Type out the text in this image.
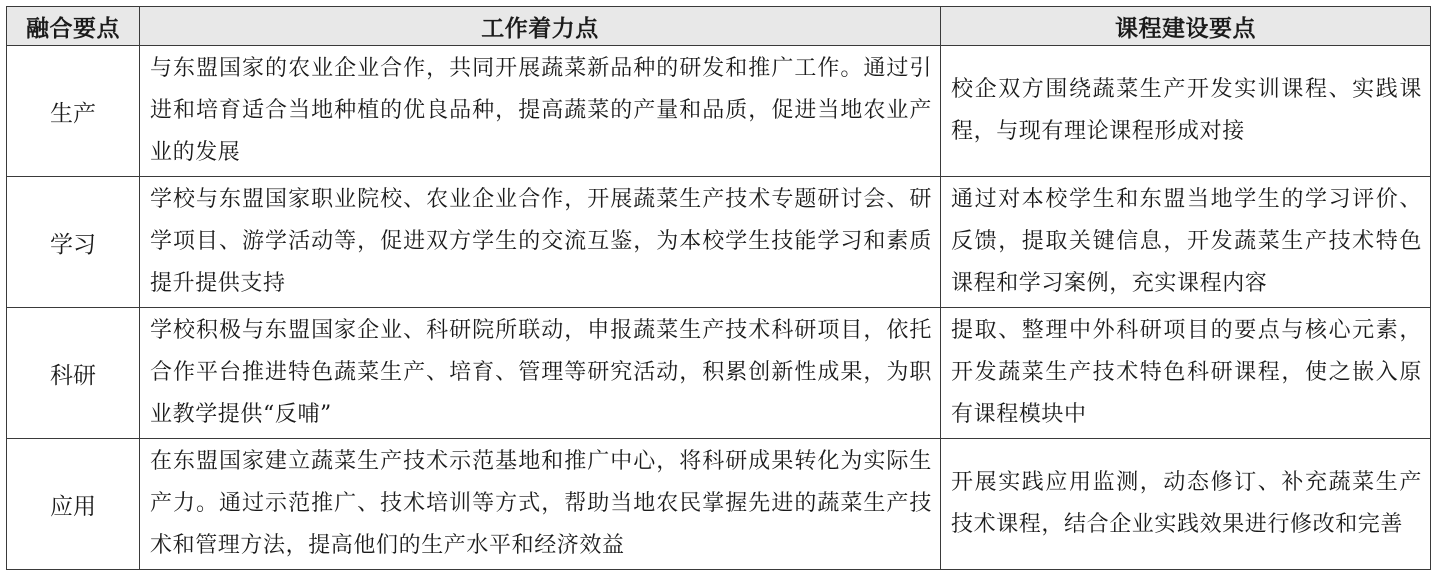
融合要点	工作着力点	课程建设要点
生产	与东盟国家的农业企业合作，共同开展蔬菜新品种的研发和推广工作。通过引进和培育适合当地种植的优良品种，提高蔬菜的产量和品质，促进当地农业产业的发展	校企双方围绕蔬菜生产开发实训课程、实践课程，与现有理论课程形成对接
学习	学校与东盟国家职业院校、农业企业合作，开展蔬菜生产技术专题研讨会、研学项目、游学活动等，促进双方学生的交流互鉴，为本校学生技能学习和素质提升提供支持	通过对本校学生和东盟当地学生的学习评价、反馈，提取关键信息，开发蔬菜生产技术特色课程和学习案例，充实课程内容
科研	学校积极与东盟国家企业、科研院所联动，申报蔬菜生产技术科研项目，依托合作平台推进特色蔬菜生产、培育、管理等研究活动，积累创新性成果，为职业教学提供“反哺”	提取、整理中外科研项目的要点与核心元素，开发蔬菜生产技术特色科研课程，使之嵌入原有课程模块中
应用	在东盟国家建立蔬菜生产技术示范基地和推广中心，将科研成果转化为实际生产力。通过示范推广、技术培训等方式，帮助当地农民掌握先进的蔬菜生产技术和管理方法，提高他们的生产水平和经济效益	开展实践应用监测，动态修订、补充蔬菜生产技术课程，结合企业实践效果进行修改和完善
